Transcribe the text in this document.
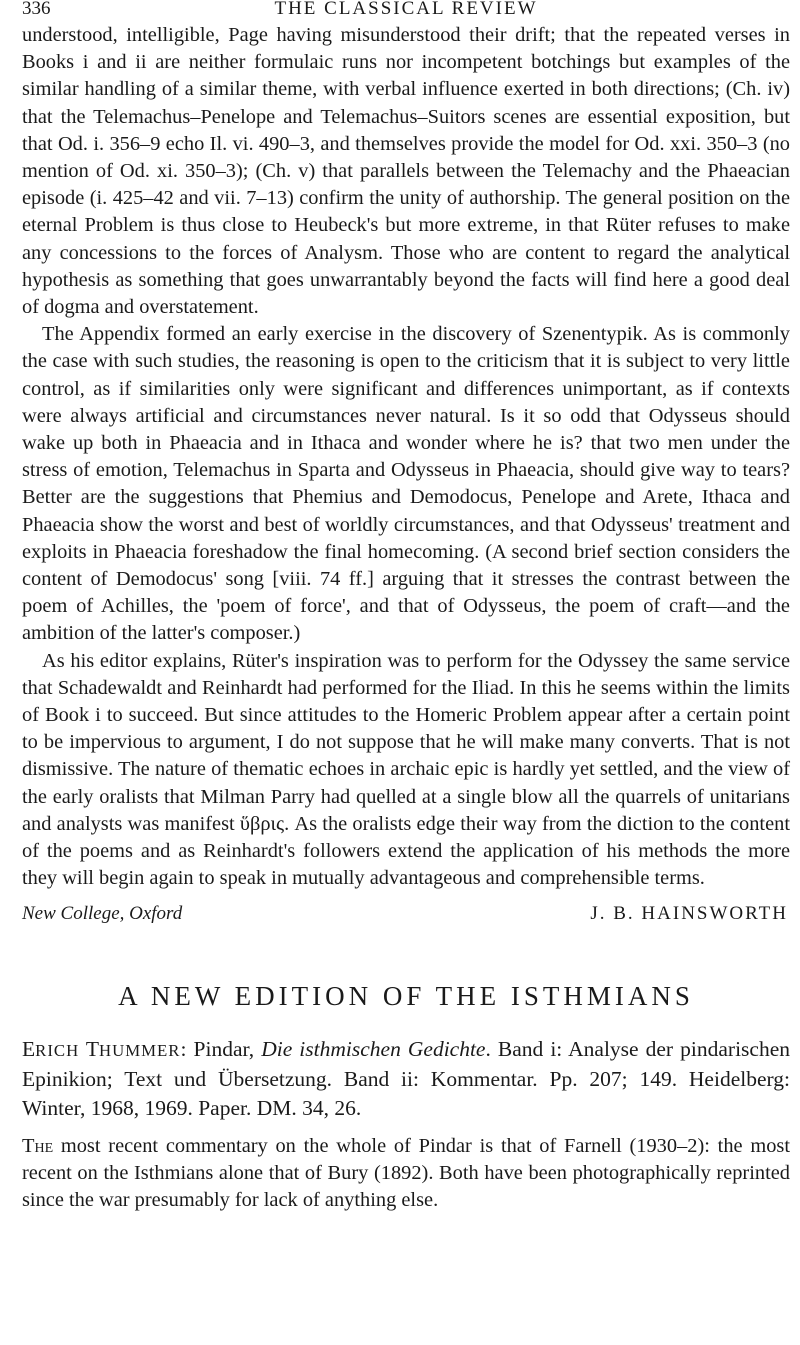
336	THE CLASSICAL REVIEW

understood, intelligible, Page having misunderstood their drift; that the repeated verses in Books i and ii are neither formulaic runs nor incompetent botchings but examples of the similar handling of a similar theme, with verbal influence exerted in both directions; (Ch. iv) that the Telemachus–Penelope and Telemachus–Suitors scenes are essential exposition, but that Od. i. 356–9 echo Il. vi. 490–3, and themselves provide the model for Od. xxi. 350–3 (no mention of Od. xi. 350–3); (Ch. v) that parallels between the Telemachy and the Phaeacian episode (i. 425–42 and vii. 7–13) confirm the unity of authorship. The general position on the eternal Problem is thus close to Heubeck's but more extreme, in that Rüter refuses to make any concessions to the forces of Analysm. Those who are content to regard the analytical hypothesis as something that goes unwarrantably beyond the facts will find here a good deal of dogma and overstatement.

The Appendix formed an early exercise in the discovery of Szenentypik. As is commonly the case with such studies, the reasoning is open to the criticism that it is subject to very little control, as if similarities only were significant and differences unimportant, as if contexts were always artificial and circumstances never natural. Is it so odd that Odysseus should wake up both in Phaeacia and in Ithaca and wonder where he is? that two men under the stress of emotion, Telemachus in Sparta and Odysseus in Phaeacia, should give way to tears? Better are the suggestions that Phemius and Demodocus, Penelope and Arete, Ithaca and Phaeacia show the worst and best of worldly circumstances, and that Odysseus' treatment and exploits in Phaeacia foreshadow the final homecoming. (A second brief section considers the content of Demodocus' song [viii. 74 ff.] arguing that it stresses the contrast between the poem of Achilles, the 'poem of force', and that of Odysseus, the poem of craft—and the ambition of the latter's composer.)

As his editor explains, Rüter's inspiration was to perform for the Odyssey the same service that Schadewaldt and Reinhardt had performed for the Iliad. In this he seems within the limits of Book i to succeed. But since attitudes to the Homeric Problem appear after a certain point to be impervious to argument, I do not suppose that he will make many converts. That is not dismissive. The nature of thematic echoes in archaic epic is hardly yet settled, and the view of the early oralists that Milman Parry had quelled at a single blow all the quarrels of unitarians and analysts was manifest ὕβρις. As the oralists edge their way from the diction to the content of the poems and as Reinhardt's followers extend the application of his methods the more they will begin again to speak in mutually advantageous and comprehensible terms.

New College, Oxford	J. B. HAINSWORTH
A NEW EDITION OF THE ISTHMIANS
ERICH THUMMER: Pindar, Die isthmischen Gedichte. Band i: Analyse der pindarischen Epinikion; Text und Übersetzung. Band ii: Kommentar. Pp. 207; 149. Heidelberg: Winter, 1968, 1969. Paper. DM. 34, 26.
The most recent commentary on the whole of Pindar is that of Farnell (1930–2): the most recent on the Isthmians alone that of Bury (1892). Both have been photographically reprinted since the war presumably for lack of anything else.
